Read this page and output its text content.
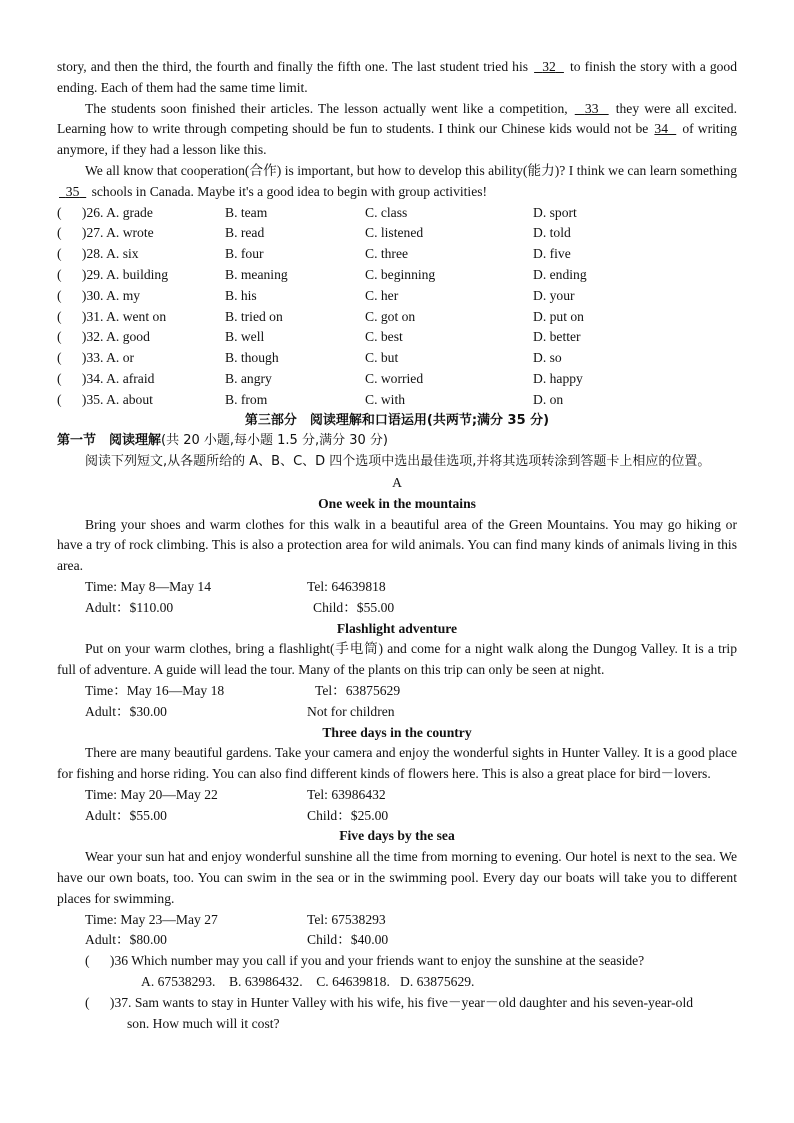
story, and then the third, the fourth and finally the fifth one. The last student tried his 32 to finish the story with a good ending. Each of them had the same time limit.

The students soon finished their articles. The lesson actually went like a competition, 33 they were all excited. Learning how to write through competing should be fun to students. I think our Chinese kids would not be 34 of writing anymore, if they had a lesson like this.

We all know that cooperation(合作) is important, but how to develop this ability(能力)? I think we can learn something   35 schools in Canada. Maybe it's a good idea to begin with group activities!

(      )26. A. grade	B. team	C. class	D. sport
(      )27. A. wrote	B. read	C. listened	D. told
(      )28. A. six	B. four	C. three	D. five
(      )29. A. building	B. meaning	C. beginning	D. ending
(      )30. A. my	B. his	C. her	D. your
(      )31. A. went on	B. tried on	C. got on	D. put on
(      )32. A. good	B. well	C. best	D. better
(      )33. A. or	B. though	C. but	D. so
(      )34. A. afraid	B. angry	C. worried	D. happy
(      )35. A. about	B. from	C. with	D. on
第三部分　阅读理解和口语运用(共两节;满分 35 分)
第一节　阅读理解(共 20 小题,每小题 1.5 分,满分 30 分)
阅读下列短文,从各题所给的 A、B、C、D 四个选项中选出最佳选项,并将其选项转涂到答题卡上相应的位置。
A
One week in the mountains

Bring your shoes and warm clothes for this walk in a beautiful area of the Green Mountains. You may go hiking or have a try of rock climbing. This is also a protection area for wild animals. You can find many kinds of animals living in this area.

Time: May 8—May 14	Tel: 64639818
Adult：$110.00	Child：$55.00
Flashlight adventure

Put on your warm clothes, bring a flashlight(手电筒) and come for a night walk along the Dungog Valley. It is a trip full of adventure. A guide will lead the tour. Many of the plants on this trip can only be seen at night.

Time：May 16—May 18	Tel：63875629
Adult：$30.00	Not for children
Three days in the country

There are many beautiful gardens. Take your camera and enjoy the wonderful sights in Hunter Valley. It is a good place for fishing and horse riding. You can also find different kinds of flowers here. This is also a great place for bird－lovers.

Time: May 20—May 22	Tel: 63986432
Adult：$55.00	Child：$25.00
Five days by the sea

Wear your sun hat and enjoy wonderful sunshine all the time from morning to evening. Our hotel is next to the sea. We have our own boats, too. You can swim in the sea or in the swimming pool. Every day our boats will take you to different places for swimming.

Time: May 23—May 27	Tel: 67538293
Adult：$80.00	Child：$40.00
(      )36 Which number may you call if you and your friends want to enjoy the sunshine at the seaside?
A. 67538293.    B. 63986432.    C. 64639818.   D. 63875629.
(      )37. Sam wants to stay in Hunter Valley with his wife, his five－year－old daughter and his seven-year-old
son. How much will it cost?
